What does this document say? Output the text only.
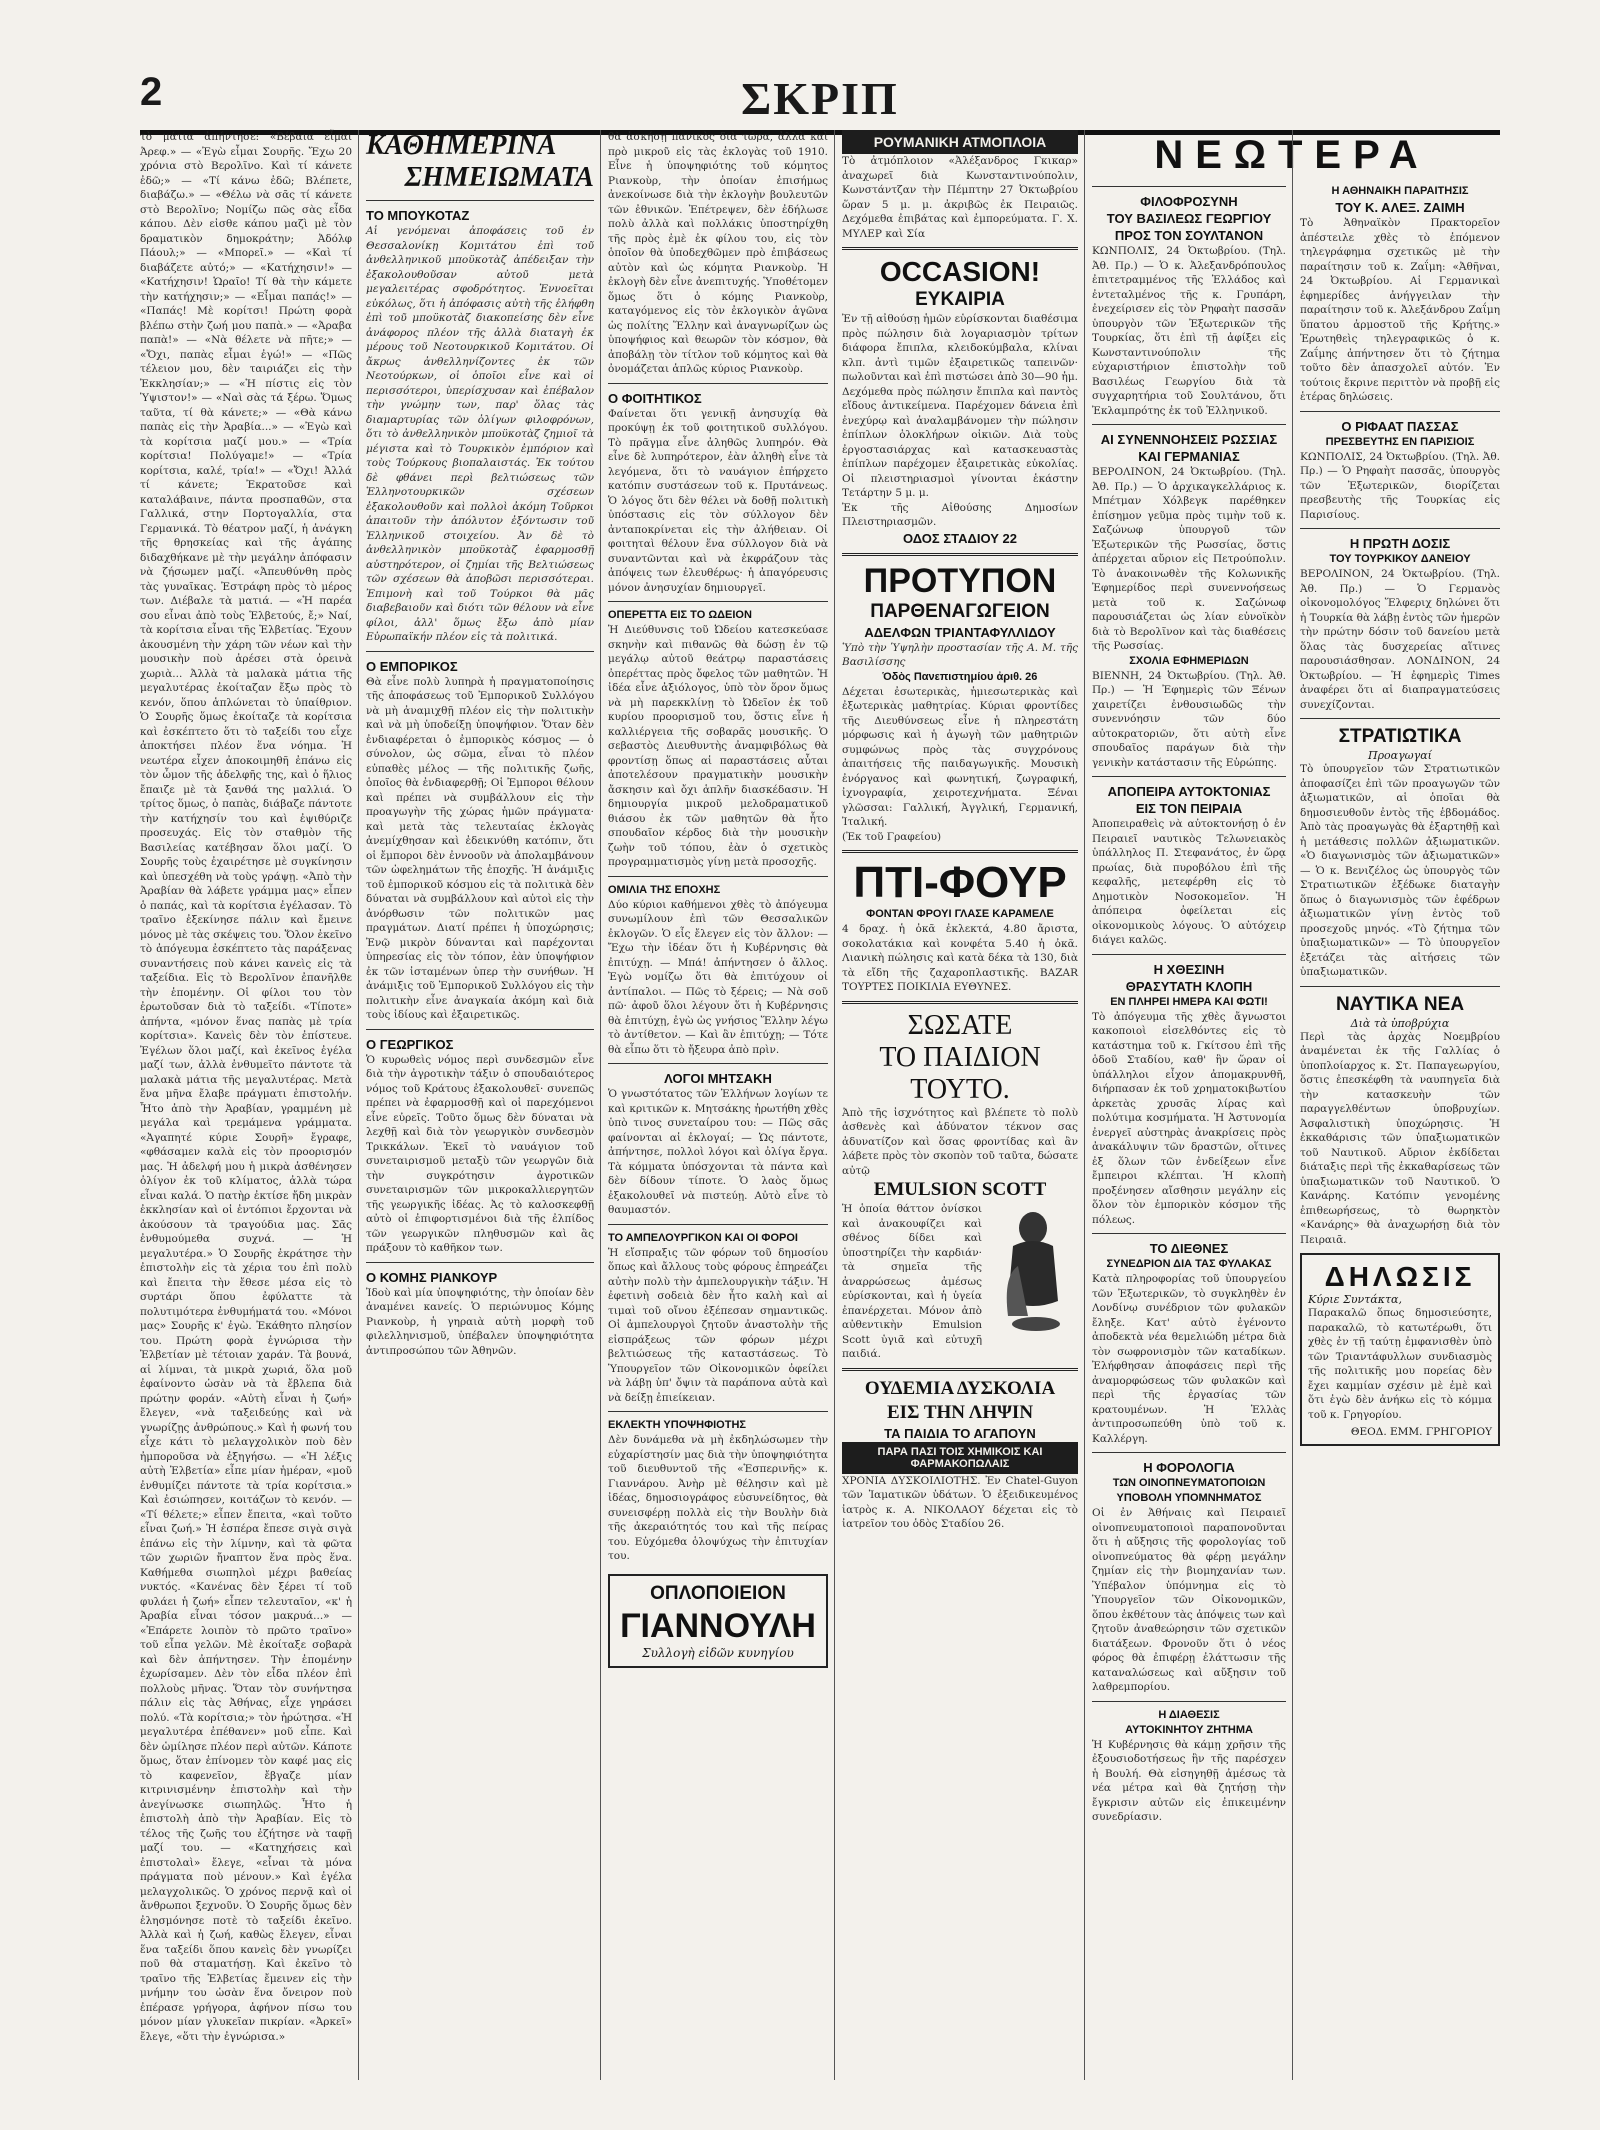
2	ΣΚΡΙΠ

τὸ μάτια ἀπήντησε: «Βέβαια εἶμαι Ἀρεφ.» — «Ἐγὼ εἶμαι Σουρῆς. Ἔχω 20 χρόνια στὸ Βερολῖνο. Καὶ τί κάνετε ἐδῶ;» — «Τί κάνω ἐδῶ; Βλέπετε, διαβάζω.» — «Θέλω νὰ σᾶς τί κάνετε στὸ Βερολῖνο; Νομίζω πῶς σὰς εἶδα κάπου. Δὲν εἰσθε κάπου μαζὶ μὲ τὸν δραματικὸν δημοκράτην; Ἀδόλφ Πάουλ;» — «Μπορεῖ.» — «Καὶ τί διαβάζετε αὐτό;» — «Κατήχησιν!» — «Κατήχησιν! Ὡραῖο! Τί θὰ τὴν κάμετε τὴν κατήχησιν;» — «Εἶμαι παπάς!» — «Παπάς! Μὲ κορίτσι! Πρώτη φορὰ βλέπω στὴν ζωή μου παπὰ.» — «Ἀραβα παπὰ!» — «Νὰ θέλετε νὰ πῆτε;» — «Ὄχι, παπὰς εἶμαι ἐγώ!» — «Πῶς τέλειον μου, δὲν ταιριάζει εἰς τὴν Ἐκκλησίαν;» — «Ἡ πίστις εἰς τὸν Ὑψιστον!» — «Ναὶ σὰς τά ξέρω. Ὅμως ταῦτα, τί θὰ κάνετε;» — «Θὰ κάνω παπὰς εἰς τὴν Ἀραβία...» — «Ἐγὼ καὶ τὰ κορίτσια μαζί μου.» — «Τρία κορίτσια! Πολύγαμε!» — «Τρία κορίτσια, καλέ, τρία!» — «Ὄχι! Ἀλλά τί κάνετε; Ἐκρατοῦσε καὶ καταλάβαινε, πάντα προσπαθῶν, στα Γαλλικά, στην Πορτογαλλία, στα Γερμανικά. Τὸ θέατρον μαζί, ἡ ἀνάγκη τῆς θρησκείας καὶ τῆς ἀγάπης διδαχθήκανε μὲ τὴν μεγάλην ἀπόφασιν νὰ ζήσωμεν μαζί. «Ἀπευθύνθη πρὸς τὰς γυναῖκας. Ἐστράφη πρὸς τὸ μέρος των. Διέβαλε τὰ ματιά. — «Ἡ παρέα σου εἶναι ἀπὸ τοὺς Ἑλβετούς, ἔ;» Ναί, τὰ κορίτσια εἶναι τῆς Ἑλβετίας. Ἔχουν ἀκουσμένη τὴν χάρη τῶν νέων καὶ τὴν μουσικὴν ποὺ ἀρέσει στὰ ὁρεινὰ χωριὰ... Ἀλλὰ τὰ μαλακὰ μάτια τῆς μεγαλυτέρας ἐκοίταζαν ἔξω πρὸς τὸ κενόν, ὅπου ἁπλώνεται τὸ ὑπαίθριον. Ὁ Σουρῆς ὅμως ἐκοίταζε τὰ κορίτσια καὶ ἐσκέπτετο ὅτι τὸ ταξείδι του εἶχε ἀποκτήσει πλέον ἕνα νόημα. Ἡ νεωτέρα εἶχεν ἀποκοιμηθῆ ἐπάνω εἰς τὸν ὦμον τῆς ἀδελφῆς της, καὶ ὁ ἥλιος ἔπαιζε μὲ τὰ ξανθά της μαλλιά. Ὁ τρίτος ὅμως, ὁ παπὰς, διάβαζε πάντοτε τὴν κατήχησίν του καὶ ἐψιθύριζε προσευχάς. Εἰς τὸν σταθμὸν τῆς Βασιλείας κατέβησαν ὅλοι μαζί. Ὁ Σουρῆς τοὺς ἐχαιρέτησε μὲ συγκίνησιν καὶ ὑπεσχέθη νὰ τοὺς γράψῃ. «Ἀπὸ τὴν Ἀραβίαν θὰ λάβετε γράμμα μας» εἶπεν ὁ παπάς, καὶ τὰ κορίτσια ἐγέλασαν. Τὸ τραῖνο ἐξεκίνησε πάλιν καὶ ἔμεινε μόνος μὲ τὰς σκέψεις του. Ὅλον ἐκεῖνο τὸ ἀπόγευμα ἐσκέπτετο τὰς παράξενας συναντήσεις ποὺ κάνει κανεὶς εἰς τὰ ταξείδια. Εἰς τὸ Βερολῖνον ἐπανῆλθε τὴν ἑπομένην. Οἱ φίλοι του τὸν ἐρωτοῦσαν διὰ τὸ ταξείδι. «Τίποτε» ἀπήντα, «μόνον ἕνας παπὰς μὲ τρία κορίτσια». Κανεὶς δὲν τὸν ἐπίστευε. Ἐγέλων ὅλοι μαζί, καὶ ἐκεῖνος ἐγέλα μαζί των, ἀλλὰ ἐνθυμεῖτο πάντοτε τὰ μαλακὰ μάτια τῆς μεγαλυτέρας. Μετὰ ἕνα μῆνα ἔλαβε πράγματι ἐπιστολήν. Ἦτο ἀπὸ τὴν Ἀραβίαν, γραμμένη μὲ μεγάλα καὶ τρεμάμενα γράμματα. «Ἀγαπητέ κύριε Σουρῆ» ἔγραφε, «φθάσαμεν καλὰ εἰς τὸν προορισμόν μας. Ἡ ἀδελφή μου ἡ μικρὰ ἀσθένησεν ὀλίγον ἐκ τοῦ κλίματος, ἀλλὰ τώρα εἶναι καλά. Ὁ πατὴρ ἐκτίσε ἤδη μικρὰν ἐκκλησίαν καὶ οἱ ἐντόπιοι ἔρχονται νὰ ἀκούσουν τὰ τραγούδια μας. Σᾶς ἐνθυμούμεθα συχνά. — Ἡ μεγαλυτέρα.» Ὁ Σουρῆς ἐκράτησε τὴν ἐπιστολὴν εἰς τὰ χέρια του ἐπὶ πολὺ καὶ ἔπειτα τὴν ἔθεσε μέσα εἰς τὸ συρτάρι ὅπου ἐφύλαττε τὰ πολυτιμότερα ἐνθυμήματά του. «Μόνοι μας» Σουρῆς κ' ἐγὼ. Ἐκάθητο πλησίον του. Πρώτη φορὰ ἐγνώρισα τὴν Ἑλβετίαν μὲ τέτοιαν χαράν. Τὰ βουνά, αἱ λίμναι, τὰ μικρὰ χωριά, ὅλα μοῦ ἐφαίνοντο ὡσὰν νὰ τὰ ἔβλεπα διὰ πρώτην φοράν. «Αὐτὴ εἶναι ἡ ζωή» ἔλεγεν, «νὰ ταξειδεύῃς καὶ νὰ γνωρίζῃς ἀνθρώπους.» Καὶ ἡ φωνή του εἶχε κάτι τὸ μελαγχολικὸν ποὺ δὲν ἠμποροῦσα νὰ ἐξηγήσω. — «Ἡ λέξις αὐτὴ Ἑλβετία» εἶπε μίαν ἡμέραν, «μοῦ ἐνθυμίζει πάντοτε τὰ τρία κορίτσια.» Καὶ ἐσιώπησεν, κοιτάζων τὸ κενόν. — «Τί θέλετε;» εἶπεν ἔπειτα, «καὶ τοῦτο εἶναι ζωή.» Ἡ ἐσπέρα ἔπεσε σιγὰ σιγὰ ἐπάνω εἰς τὴν λίμνην, καὶ τὰ φῶτα τῶν χωριῶν ἤναπτον ἕνα πρὸς ἕνα. Καθήμεθα σιωπηλοὶ μέχρι βαθείας νυκτός. «Κανένας δὲν ξέρει τί τοῦ φυλάει ἡ ζωή» εἶπεν τελευταῖον, «κ' ἡ Ἀραβία εἶναι τόσον μακρυά...» — «Ἐπάρετε λοιπὸν τὸ πρῶτο τραῖνο» τοῦ εἶπα γελῶν. Μὲ ἐκοίταξε σοβαρὰ καὶ δὲν ἀπήντησεν. Τὴν ἑπομένην ἐχωρίσαμεν. Δὲν τὸν εἶδα πλέον ἐπὶ πολλοὺς μῆνας. Ὅταν τὸν συνήντησα πάλιν εἰς τὰς Ἀθήνας, εἶχε γηράσει πολύ. «Τὰ κορίτσια;» τὸν ἠρώτησα. «Ἡ μεγαλυτέρα ἐπέθανεν» μοῦ εἶπε. Καὶ δὲν ὡμίλησε πλέον περὶ αὐτῶν. Κάποτε ὅμως, ὅταν ἐπίνομεν τὸν καφέ μας εἰς τὸ καφενεῖον, ἔβγαζε μίαν κιτρινισμένην ἐπιστολὴν καὶ τὴν ἀνεγίνωσκε σιωπηλῶς. Ἦτο ἡ ἐπιστολὴ ἀπὸ τὴν Ἀραβίαν. Εἰς τὸ τέλος τῆς ζωῆς του ἐζήτησε νὰ ταφῇ μαζί του. — «Κατηχήσεις καὶ ἐπιστολαὶ» ἔλεγε, «εἶναι τὰ μόνα πράγματα ποὺ μένουν.» Καὶ ἐγέλα μελαγχολικῶς. Ὁ χρόνος περνᾷ καὶ οἱ ἄνθρωποι ξεχνοῦν. Ὁ Σουρῆς ὅμως δὲν ἐλησμόνησε ποτὲ τὸ ταξείδι ἐκεῖνο. Ἀλλὰ καὶ ἡ ζωή, καθὼς ἔλεγεν, εἶναι ἕνα ταξείδι ὅπου κανεὶς δὲν γνωρίζει ποῦ θὰ σταματήσῃ. Καὶ ἐκεῖνο τὸ τραῖνο τῆς Ἑλβετίας ἔμεινεν εἰς τὴν μνήμην του ὡσὰν ἕνα ὄνειρον ποὺ ἐπέρασε γρήγορα, ἀφήνον πίσω του μόνον μίαν γλυκεῖαν πικρίαν. «Ἀρκεῖ» ἔλεγε, «ὅτι τὴν ἐγνώρισα.»

ΚΑΘΗΜΕΡΙΝΑ
ΣΗΜΕΙΩΜΑΤΑ
ΤΟ ΜΠΟΥΚΟΤΑΖ

Αἱ γενόμεναι ἀποφάσεις τοῦ ἐν Θεσσαλονίκῃ Κομιτάτου ἐπὶ τοῦ ἀνθελληνικοῦ μποϋκοτὰζ ἀπέδειξαν τὴν ἐξακολουθοῦσαν αὐτοῦ μετὰ μεγαλειτέρας σφοδρότητος. Ἐννοεῖται εὐκόλως, ὅτι ἡ ἀπόφασις αὐτὴ τῆς ἐλήφθη ἐπὶ τοῦ μποϋκοτὰζ διακοπείσης δὲν εἶνε ἀνάφορος πλέον τῆς ἀλλὰ διαταγὴ ἐκ μέρους τοῦ Νεοτουρκικοῦ Κομιτάτου. Οἱ ἄκρως ἀνθελληνίζοντες ἐκ τῶν Νεοτούρκων, οἱ ὁποῖοι εἶνε καὶ οἱ περισσότεροι, ὑπερίσχυσαν καὶ ἐπέβαλον τὴν γνώμην των, παρ' ὅλας τὰς διαμαρτυρίας τῶν ὀλίγων φιλοφρόνων, ὅτι τὸ ἀνθελληνικὸν μποϋκοτὰζ ζημιοῖ τὰ μέγιστα καὶ τὸ Τουρκικὸν ἐμπόριον καὶ τοὺς Τούρκους βιοπαλαιστάς. Ἐκ τούτου δὲ φθάνει περὶ βελτιώσεως τῶν Ἑλληνοτουρκικῶν σχέσεων ἐξακολουθοῦν καὶ πολλοὶ ἀκόμη Τοῦρκοι ἀπαιτοῦν τὴν ἀπόλυτον ἐξόντωσιν τοῦ Ἑλληνικοῦ στοιχείου. Ἀν δὲ τὸ ἀνθελληνικὸν μποϋκοτὰζ ἐφαρμοσθῇ αὐστηρότερον, οἱ ζημίαι τῆς Βελτιώσεως τῶν σχέσεων θὰ ἀποβῶσι περισσότεραι. Ἐπιμονὴ καὶ τοῦ Τούρκοι θὰ μᾶς διαβεβαιοῦν καὶ διότι τῶν θέλουν νὰ εἶνε φίλοι, ἀλλ' ὅμως ἔξω ἀπὸ μίαν Εὐρωπαϊκήν πλέον εἰς τὰ πολιτικά.

Ο ΕΜΠΟΡΙΚΟΣ

Θὰ εἶνε πολὺ λυπηρὰ ἡ πραγματοποίησις τῆς ἀποφάσεως τοῦ Ἐμπορικοῦ Συλλόγου νὰ μὴ ἀναμιχθῇ πλέον εἰς τὴν πολιτικὴν καὶ νὰ μὴ ὑποδείξῃ ὑποψήφιον. Ὅταν δὲν ἐνδιαφέρεται ὁ ἐμπορικὸς κόσμος — ὁ σύνολον, ὡς σῶμα, εἶναι τὸ πλέον εὐπαθὲς μέλος — τῆς πολιτικῆς ζωῆς, ὁποῖος θὰ ἐνδιαφερθῇ; Οἱ Ἐμποροι θέλουν καὶ πρέπει νὰ συμβάλλουν εἰς τὴν προαγωγὴν τῆς χώρας ἡμῶν πράγματα· καὶ μετὰ τὰς τελευταίας ἐκλογὰς ἀνεμίχθησαν καὶ ἐδεικνύθη κατόπιν, ὅτι οἱ ἔμποροι δὲν ἐννοοῦν νὰ ἀπολαμβάνουν τῶν ὠφελημάτων τῆς ἐποχῆς. Ἡ ἀνάμιξις τοῦ ἐμπορικοῦ κόσμου εἰς τὰ πολιτικὰ δὲν δύναται νὰ συμβάλλουν καὶ αὐτοὶ εἰς τὴν ἀνόρθωσιν τῶν πολιτικῶν μας πραγμάτων. Διατί πρέπει ἡ ὑποχώρησις; Ἐνῷ μικρὸν δύνανται καὶ παρέχονται ὑπηρεσίας εἰς τὸν τόπον, ἐὰν ὑποψήφιον ἐκ τῶν ἰσταμένων ὑπερ τὴν συνήθων. Ἡ ἀνάμιξις τοῦ Ἐμπορικοῦ Συλλόγου εἰς τὴν πολιτικὴν εἶνε ἀναγκαία ἀκόμη καὶ διὰ τοὺς ἰδίους καὶ ἐξαιρετικῶς.

Ο ΓΕΩΡΓΙΚΟΣ

Ὁ κυρωθεὶς νόμος περὶ συνδεσμῶν εἶνε διὰ τὴν ἀγροτικὴν τάξιν ὁ σπουδαιότερος νόμος τοῦ Κράτους ἐξακολουθεῖ· συνεπῶς πρέπει νὰ ἐφαρμοσθῇ καὶ οἱ παρεχόμενοι εἶνε εὐρεῖς. Τοῦτο ὅμως δὲν δύναται νὰ λεχθῇ καὶ διὰ τὸν γεωργικὸν συνδεσμὸν Τρικκάλων. Ἐκεῖ τὸ ναυάγιον τοῦ συνεταιρισμοῦ μεταξὺ τῶν γεωργῶν διὰ τὴν συγκρότησιν ἀγροτικῶν συνεταιρισμῶν τῶν μικροκαλλιεργητῶν τῆς γεωργικῆς ἰδέας. Ἀς τὸ καλοσκεφθῇ αὐτὸ οἱ ἐπιφορτισμένοι διὰ τῆς ἐλπίδος τῶν γεωργικῶν πληθυσμῶν καὶ ἃς πράξουν τὸ καθῆκον των.

Ο ΚΟΜΗΣ ΡΙΑΝΚΟΥΡ

Ἰδοὺ καὶ μία ὑποψηφιότης, τὴν ὁποίαν δὲν ἀναμένει κανείς. Ὁ περιώνυμος Κόμης Ριανκοὺρ, ἡ γηραιὰ αὐτὴ μορφὴ τοῦ φιλελληνισμοῦ, ὑπέβαλεν ὑποψηφιότητα ἀντιπροσώπου τῶν Ἀθηνῶν.

θὰ ἀσκήσῃ πανικὸς διὰ τώρα, ἀλλὰ καὶ πρὸ μικροῦ εἰς τὰς ἐκλογὰς τοῦ 1910. Εἶνε ἡ ὑποψηφιότης τοῦ κόμητος Ριανκοὺρ, τὴν ὁποίαν ἐπισήμως ἀνεκοίνωσε διὰ τὴν ἐκλογὴν βουλευτῶν τῶν ἐθνικῶν. Ἐπέτρεψεν, δὲν ἐδήλωσε πολὺ ἀλλὰ καὶ πολλάκις ὑποστηρίχθη τῆς πρὸς ἐμὲ ἐκ φίλου του, εἰς τὸν ὁποῖον θὰ ὑποδεχθῶμεν πρὸ ἐπιβάσεως αὐτὸν καὶ ὡς κόμητα Ριανκοὺρ. Ἡ ἐκλογὴ δὲν εἶνε ἀνεπιτυχής. Ὑποθέτομεν ὅμως ὅτι ὁ κόμης Ριανκοὺρ, καταγόμενος εἰς τὸν ἐκλογικὸν ἀγῶνα ὡς πολίτης Ἕλλην καὶ ἀναγνωρίζων ὡς ὑποψήφιος καὶ θεωρῶν τὸν κόσμον, θὰ ἀποβάλῃ τὸν τίτλον τοῦ κόμητος καὶ θὰ ὀνομάζεται ἁπλῶς κύριος Ριανκοὺρ.

Ο ΦΟΙΤΗΤΙΚΟΣ

Φαίνεται ὅτι γενικῇ ἀνησυχίᾳ θὰ προκύψῃ ἐκ τοῦ φοιτητικοῦ συλλόγου. Τὸ πρᾶγμα εἶνε ἀληθῶς λυπηρόν. Θὰ εἶνε δὲ λυπηρότερον, ἐὰν ἀληθὴ εἶνε τὰ λεγόμενα, ὅτι τὸ ναυάγιον ἐπήρχετο κατόπιν συστάσεων τοῦ κ. Πρυτάνεως. Ὁ λόγος ὅτι δὲν θέλει νὰ δοθῇ πολιτικὴ ὑπόστασις εἰς τὸν σύλλογον δὲν ἀνταποκρίνεται εἰς τὴν ἀλήθειαν. Οἱ φοιτηταὶ θέλουν ἕνα σύλλογον διὰ νὰ συναντῶνται καὶ νὰ ἐκφράζουν τὰς ἀπόψεις των ἐλευθέρως· ἡ ἀπαγόρευσις μόνον ἀνησυχίαν δημιουργεῖ.

ΟΠΕΡΕΤΤΑ ΕΙΣ ΤΟ ΩΔΕΙΟΝ

Ἡ Διεύθυνσις τοῦ Ὠδείου κατεσκεύασε σκηνὴν καὶ πιθανῶς θὰ δώσῃ ἐν τῷ μεγάλῳ αὐτοῦ θεάτρῳ παραστάσεις ὀπερέττας πρὸς ὄφελος τῶν μαθητῶν. Ἡ ἰδέα εἶνε ἀξιόλογος, ὑπὸ τὸν ὅρον ὅμως νὰ μὴ παρεκκλίνῃ τὸ Ὠδεῖον ἐκ τοῦ κυρίου προορισμοῦ του, ὅστις εἶνε ἡ καλλιέργεια τῆς σοβαρᾶς μουσικῆς. Ὁ σεβαστὸς Διευθυντὴς ἀναμφιβόλως θὰ φροντίσῃ ὅπως αἱ παραστάσεις αὗται ἀποτελέσουν πραγματικὴν μουσικὴν ἄσκησιν καὶ ὄχι ἁπλῆν διασκέδασιν. Ἡ δημιουργία μικροῦ μελοδραματικοῦ θιάσου ἐκ τῶν μαθητῶν θὰ ἦτο σπουδαῖον κέρδος διὰ τὴν μουσικὴν ζωὴν τοῦ τόπου, ἐὰν ὁ σχετικὸς προγραμματισμὸς γίνῃ μετὰ προσοχῆς.

ΟΜΙΛΙΑ ΤΗΣ ΕΠΟΧΗΣ

Δύο κύριοι καθήμενοι χθὲς τὸ ἀπόγευμα συνωμίλουν ἐπὶ τῶν Θεσσαλικῶν ἐκλογῶν. Ὁ εἷς ἔλεγεν εἰς τὸν ἄλλον: — Ἔχω τὴν ἰδέαν ὅτι ἡ Κυβέρνησις θὰ ἐπιτύχῃ. — Μπά! ἀπήντησεν ὁ ἄλλος. Ἐγὼ νομίζω ὅτι θὰ ἐπιτύχουν οἱ ἀντίπαλοι. — Πῶς τὸ ξέρεις; — Νὰ σοῦ πῶ· ἀφοῦ ὅλοι λέγουν ὅτι ἡ Κυβέρνησις θὰ ἐπιτύχῃ, ἐγὼ ὡς γνήσιος Ἕλλην λέγω τὸ ἀντίθετον. — Καὶ ἂν ἐπιτύχῃ; — Τότε θὰ εἶπω ὅτι τὸ ἤξευρα ἀπὸ πρὶν.

ΛΟΓΟΙ ΜΗΤΣΑΚΗ

Ὁ γνωστότατος τῶν Ἑλλήνων λογίων τε καὶ κριτικῶν κ. Μητσάκης ἠρωτήθη χθὲς ὑπὸ τινος συνεταίρου του: — Πῶς σᾶς φαίνονται αἱ ἐκλογαί; — Ὡς πάντοτε, ἀπήντησε, πολλοὶ λόγοι καὶ ὀλίγα ἔργα. Τὰ κόμματα ὑπόσχονται τὰ πάντα καὶ δὲν δίδουν τίποτε. Ὁ λαὸς ὅμως ἐξακολουθεῖ νὰ πιστεύῃ. Αὐτὸ εἶνε τὸ θαυμαστόν.

ΤΟ ΑΜΠΕΛΟΥΡΓΙΚΟΝ ΚΑΙ ΟΙ ΦΟΡΟΙ

Ἡ εἴσπραξις τῶν φόρων τοῦ δημοσίου ὅπως καὶ ἄλλους τοὺς φόρους ἐπηρεάζει αὐτὴν πολὺ τὴν ἀμπελουργικὴν τάξιν. Ἡ ἐφετινὴ σοδειὰ δὲν ἦτο καλὴ καὶ αἱ τιμαὶ τοῦ οἴνου ἐξέπεσαν σημαντικῶς. Οἱ ἀμπελουργοὶ ζητοῦν ἀναστολὴν τῆς εἰσπράξεως τῶν φόρων μέχρι βελτιώσεως τῆς καταστάσεως. Τὸ Ὑπουργεῖον τῶν Οἰκονομικῶν ὀφείλει νὰ λάβῃ ὑπ' ὄψιν τὰ παράπονα αὐτὰ καὶ νὰ δείξῃ ἐπιείκειαν.

ΕΚΛΕΚΤΗ ΥΠΟΨΗΦΙΟΤΗΣ

Δὲν δυνάμεθα νὰ μὴ ἐκδηλώσωμεν τὴν εὐχαρίστησίν μας διὰ τὴν ὑποψηφιότητα τοῦ διευθυντοῦ τῆς «Ἑσπερινῆς» κ. Γιαννάρου. Ἀνὴρ μὲ θέλησιν καὶ μὲ ἰδέας, δημοσιογράφος εὐσυνείδητος, θὰ συνεισφέρῃ πολλὰ εἰς τὴν Βουλὴν διὰ τῆς ἀκεραιότητός του καὶ τῆς πείρας του. Εὐχόμεθα ὁλοψύχως τὴν ἐπιτυχίαν του.

ΟΠΛΟΠΟΙΕΙΟΝ
ΓΙΑΝΝΟΥΛΗ
Συλλογὴ εἰδῶν κυνηγίου
ΡΟΥΜΑΝΙΚΗ ΑΤΜΟΠΛΟΙΑ

Τὸ ἀτμόπλοιον «Ἀλέξανδρος Γκικαρ» ἀναχωρεῖ διὰ Κωνσταντινούπολιν, Κωνστάντζαν τὴν Πέμπτην 27 Ὀκτωβρίου ὥραν 5 μ. μ. ἀκριβῶς ἐκ Πειραιῶς. Δεχόμεθα ἐπιβάτας καὶ ἐμπορεύματα. Γ. Χ. ΜΥΛΕΡ καὶ Σία

OCCASION!
ΕΥΚΑΙΡΙΑ

Ἐν τῇ αἰθούσῃ ἡμῶν εὑρίσκονται διαθέσιμα πρὸς πώλησιν διὰ λογαριασμὸν τρίτων διάφορα ἔπιπλα, κλειδοκύμβαλα, κλίναι κλπ. ἀντὶ τιμῶν ἐξαιρετικῶς ταπεινῶν· πωλοῦνται καὶ ἐπὶ πιστώσει ἀπὸ 30—90 ἡμ. Δεχόμεθα πρὸς πώλησιν ἔπιπλα καὶ παντὸς εἴδους ἀντικείμενα. Παρέχομεν δάνεια ἐπὶ ἐνεχύρῳ καὶ ἀναλαμβάνομεν τὴν πώλησιν ἐπίπλων ὁλοκλήρων οἰκιῶν. Διὰ τοὺς ἐργοστασιάρχας καὶ κατασκευαστὰς ἐπίπλων παρέχομεν ἐξαιρετικὰς εὐκολίας. Οἱ πλειστηριασμοὶ γίνονται ἑκάστην Τετάρτην 5 μ. μ.

Ἐκ τῆς Αἰθούσης Δημοσίων Πλειστηριασμῶν.

ΟΔΟΣ ΣΤΑΔΙΟΥ 22
ΠΡΟΤΥΠΟΝ
ΠΑΡΘΕΝΑΓΩΓΕΙΟΝ
ΑΔΕΛΦΩΝ ΤΡΙΑΝΤΑΦΥΛΛΙΔΟΥ

Ὑπὸ τὴν Ὑψηλὴν προστασίαν τῆς Α. Μ. τῆς Βασιλίσσης

Ὁδὸς Πανεπιστημίου ἀριθ. 26

Δέχεται ἐσωτερικὰς, ἡμιεσωτερικὰς καὶ ἐξωτερικὰς μαθητρίας. Κύριαι φροντίδες τῆς Διευθύνσεως εἶνε ἡ πληρεστάτη μόρφωσις καὶ ἡ ἀγωγὴ τῶν μαθητριῶν συμφώνως πρὸς τὰς συγχρόνους ἀπαιτήσεις τῆς παιδαγωγικῆς. Μουσικὴ ἐνόργανος καὶ φωνητική, ζωγραφική, ἰχνογραφία, χειροτεχνήματα. Ξέναι γλῶσσαι: Γαλλική, Ἀγγλική, Γερμανική, Ἰταλική.

(Ἐκ τοῦ Γραφείου)

ΠΤΙ-ΦΟΥΡ
ΦΟΝΤΑΝ ΦΡΟΥΙ ΓΛΑΣΕ ΚΑΡΑΜΕΛΕ

4 δραχ. ἡ ὀκᾶ ἐκλεκτά, 4.80 ἄριστα, σοκολατάκια καὶ κονφέτα 5.40 ἡ ὀκᾶ. Λιανικὴ πώλησις καὶ κατὰ δέκα τὰ 130, διὰ τὰ εἴδη τῆς ζαχαροπλαστικῆς. BAZAR ΤΟΥΡΤΕΣ ΠΟΙΚΙΛΙΑ ΕΥΘΥΝΕΣ.

ΣΩΣΑΤΕ
ΤΟ ΠΑΙΔΙΟΝ
ΤΟΥΤΟ.

Ἀπὸ τῆς ἰσχνότητος καὶ βλέπετε τὸ πολὺ ἀσθενὲς καὶ ἀδύνατον τέκνον σας ἀδυνατίζον καὶ ὅσας φροντίδας καὶ ἂν λάβετε πρὸς τὸν σκοπὸν τοῦ ταῦτα, δώσατε αὐτῷ

EMULSION SCOTT

Ἡ ὁποία θάττον ὀνίσκοι καὶ ἀνακουφίζει καὶ σθένος δίδει καὶ ὑποστηρίζει τὴν καρδιάν· τὰ σημεῖα τῆς ἀναρρώσεως ἀμέσως εὐρίσκονται, καὶ ἡ ὑγεία ἐπανέρχεται. Μόνον ἀπὸ αὐθεντικὴν Emulsion Scott ὑγιᾶ καὶ εὐτυχῆ παιδιά.

ΟΥΔΕΜΙΑ ΔΥΣΚΟΛΙΑ
ΕΙΣ ΤΗΝ ΛΗΨΙΝ
ΤΑ ΠΑΙΔΙΑ ΤΟ ΑΓΑΠΟΥΝ
ΠΑΡΑ ΠΑΣΙ ΤΟΙΣ ΧΗΜΙΚΟΙΣ ΚΑΙ ΦΑΡΜΑΚΟΠΩΛΑΙΣ

ΧΡΟΝΙΑ ΔΥΣΚΟΙΛΙΟΤΗΣ. Ἐν Chatel-Guyon τῶν Ἰαματικῶν ὑδάτων. Ὁ ἐξειδικευμένος ἰατρὸς κ. Α. ΝΙΚΟΛΑΟΥ δέχεται εἰς τὸ ἰατρεῖον του ὁδὸς Σταδίου 26.

ΝΕΩΤΕΡΑ
ΦΙΛΟΦΡΟΣΥΝΗ
ΤΟΥ ΒΑΣΙΛΕΩΣ ΓΕΩΡΓΙΟΥ
ΠΡΟΣ ΤΟΝ ΣΟΥΛΤΑΝΟΝ

ΚΩΝΠΟΛΙΣ, 24 Ὀκτωβρίου. (Τηλ. Ἀθ. Πρ.) — Ὁ κ. Ἀλεξανδρόπουλος ἐπιτετραμμένος τῆς Ἑλλάδος καὶ ἐντεταλμένος τῆς κ. Γρυπάρη, ἐνεχείρισεν εἰς τὸν Ρηφαὴτ πασσᾶν ὑπουργὸν τῶν Ἐξωτερικῶν τῆς Τουρκίας, ὅτι ἐπὶ τῇ ἀφίξει εἰς Κωνσταντινούπολιν τῆς εὐχαριστήριον ἐπιστολὴν τοῦ Βασιλέως Γεωργίου διὰ τὰ συγχαρητήρια τοῦ Σουλτάνου, ὅτι Ἐκλαμπρότης ἐκ τοῦ Ἑλληνικοῦ.

ΑΙ ΣΥΝΕΝΝΟΗΣΕΙΣ ΡΩΣΣΙΑΣ ΚΑΙ ΓΕΡΜΑΝΙΑΣ

ΒΕΡΟΛΙΝΟΝ, 24 Ὀκτωβρίου. (Τηλ. Ἀθ. Πρ.) — Ὁ ἀρχικαγκελλάριος κ. Μπέτμαν Χόλβεγκ παρέθηκεν ἐπίσημον γεῦμα πρὸς τιμὴν τοῦ κ. Σαζώνωφ ὑπουργοῦ τῶν Ἐξωτερικῶν τῆς Ρωσσίας, ὅστις ἀπέρχεται αὔριον εἰς Πετρούπολιν. Τὸ ἀνακοινωθὲν τῆς Κολωνικῆς Ἐφημερίδος περὶ συνεννοήσεως μετὰ τοῦ κ. Σαζώνωφ παρουσιάζεται ὡς λίαν εὐνοϊκὸν διὰ τὸ Βερολῖνον καὶ τὰς διαθέσεις τῆς Ρωσσίας.

ΣΧΟΛΙΑ ΕΦΗΜΕΡΙΔΩΝ

ΒΙΕΝΝΗ, 24 Ὀκτωβρίου. (Τηλ. Ἀθ. Πρ.) — Ἡ Ἐφημερὶς τῶν Ξένων χαιρετίζει ἐνθουσιωδῶς τὴν συνεννόησιν τῶν δύο αὐτοκρατοριῶν, ὅτι αὐτὴ εἶνε σπουδαῖος παράγων διὰ τὴν γενικὴν κατάστασιν τῆς Εὐρώπης.

ΑΠΟΠΕΙΡΑ ΑΥΤΟΚΤΟΝΙΑΣ
ΕΙΣ ΤΟΝ ΠΕΙΡΑΙΑ

Ἀποπειραθεὶς νὰ αὐτοκτονήσῃ ὁ ἐν Πειραιεῖ ναυτικὸς Τελωνειακὸς ὑπάλληλος Π. Στεφανάτος, ἐν ὥρᾳ πρωίας, διὰ πυροβόλου ἐπὶ τῆς κεφαλῆς, μετεφέρθη εἰς τὸ Δημοτικὸν Νοσοκομεῖον. Ἡ ἀπόπειρα ὀφείλεται εἰς οἰκονομικοὺς λόγους. Ὁ αὐτόχειρ διάγει καλῶς.

Η ΧΘΕΣΙΝΗ
ΘΡΑΣΥΤΑΤΗ ΚΛΟΠΗ
ΕΝ ΠΛΗΡΕΙ ΗΜΕΡΑ ΚΑΙ ΦΩΤΙ!

Τὸ ἀπόγευμα τῆς χθὲς ἄγνωστοι κακοποιοὶ εἰσελθόντες εἰς τὸ κατάστημα τοῦ κ. Γκίτσου ἐπὶ τῆς ὁδοῦ Σταδίου, καθ' ἣν ὥραν οἱ ὑπάλληλοι εἶχον ἀπομακρυνθῆ, διήρπασαν ἐκ τοῦ χρηματοκιβωτίου ἀρκετὰς χρυσᾶς λίρας καὶ πολύτιμα κοσμήματα. Ἡ Ἀστυνομία ἐνεργεῖ αὐστηρὰς ἀνακρίσεις πρὸς ἀνακάλυψιν τῶν δραστῶν, οἵτινες ἐξ ὅλων τῶν ἐνδείξεων εἶνε ἔμπειροι κλέπται. Ἡ κλοπὴ προξένησεν αἴσθησιν μεγάλην εἰς ὅλον τὸν ἐμπορικὸν κόσμον τῆς πόλεως.

ΤΟ ΔΙΕΘΝΕΣ
ΣΥΝΕΔΡΙΟΝ ΔΙΑ ΤΑΣ ΦΥΛΑΚΑΣ

Κατὰ πληροφορίας τοῦ ὑπουργείου τῶν Ἐξωτερικῶν, τὸ συγκληθὲν ἐν Λονδίνῳ συνέδριον τῶν φυλακῶν ἔληξε. Κατ' αὐτὸ ἐγένοντο ἀποδεκτὰ νέα θεμελιώδη μέτρα διὰ τὸν σωφρονισμὸν τῶν καταδίκων. Ἐλήφθησαν ἀποφάσεις περὶ τῆς ἀναμορφώσεως τῶν φυλακῶν καὶ περὶ τῆς ἐργασίας τῶν κρατουμένων. Ἡ Ἑλλὰς ἀντιπροσωπεύθη ὑπὸ τοῦ κ. Καλλέργη.

Η ΦΟΡΟΛΟΓΙΑ
ΤΩΝ ΟΙΝΟΠΝΕΥΜΑΤΟΠΟΙΩΝ
ΥΠΟΒΟΛΗ ΥΠΟΜΝΗΜΑΤΟΣ

Οἱ ἐν Ἀθήναις καὶ Πειραιεῖ οἰνοπνευματοποιοὶ παραπονοῦνται ὅτι ἡ αὔξησις τῆς φορολογίας τοῦ οἰνοπνεύματος θὰ φέρῃ μεγάλην ζημίαν εἰς τὴν βιομηχανίαν των. Ὑπέβαλον ὑπόμνημα εἰς τὸ Ὑπουργεῖον τῶν Οἰκονομικῶν, ὅπου ἐκθέτουν τὰς ἀπόψεις των καὶ ζητοῦν ἀναθεώρησιν τῶν σχετικῶν διατάξεων. Φρονοῦν ὅτι ὁ νέος φόρος θὰ ἐπιφέρῃ ἐλάττωσιν τῆς καταναλώσεως καὶ αὔξησιν τοῦ λαθρεμπορίου.

Η ΔΙΑΘΕΣΙΣ
ΑΥΤΟΚΙΝΗΤΟΥ ΖΗΤΗΜΑ

Ἡ Κυβέρνησις θὰ κάμῃ χρῆσιν τῆς ἐξουσιοδοτήσεως ἣν τῆς παρέσχεν ἡ Βουλή. Θὰ εἰσηγηθῇ ἀμέσως τὰ νέα μέτρα καὶ θὰ ζητήσῃ τὴν ἔγκρισιν αὐτῶν εἰς ἐπικειμένην συνεδρίασιν.

Η ΑΘΗΝΑΙΚΗ ΠΑΡΑΙΤΗΣΙΣ
ΤΟΥ Κ. ΑΛΕΞ. ΖΑΙΜΗ

Τὸ Ἀθηναϊκὸν Πρακτορεῖον ἀπέστειλε χθὲς τὸ ἑπόμενον τηλεγράφημα σχετικῶς μὲ τὴν παραίτησιν τοῦ κ. Ζαΐμη: «Ἀθῆναι, 24 Ὀκτωβρίου. Αἱ Γερμανικαὶ ἐφημερίδες ἀνήγγειλαν τὴν παραίτησιν τοῦ κ. Ἀλεξάνδρου Ζαΐμη ὕπατου ἁρμοστοῦ τῆς Κρήτης.» Ἐρωτηθεὶς τηλεγραφικῶς ὁ κ. Ζαΐμης ἀπήντησεν ὅτι τὸ ζήτημα τοῦτο δὲν ἀπασχολεῖ αὐτόν. Ἐν τούτοις ἔκρινε περιττὸν νὰ προβῇ εἰς ἑτέρας δηλώσεις.

Ο ΡΙΦΑΑΤ ΠΑΣΣΑΣ
ΠΡΕΣΒΕΥΤΗΣ ΕΝ ΠΑΡΙΣΙΟΙΣ

ΚΩΝΠΟΛΙΣ, 24 Ὀκτωβρίου. (Τηλ. Ἀθ. Πρ.) — Ὁ Ρηφαὴτ πασσᾶς, ὑπουργὸς τῶν Ἐξωτερικῶν, διορίζεται πρεσβευτὴς τῆς Τουρκίας εἰς Παρισίους.

Η ΠΡΩΤΗ ΔΟΣΙΣ
ΤΟΥ ΤΟΥΡΚΙΚΟΥ ΔΑΝΕΙΟΥ

ΒΕΡΟΛΙΝΟΝ, 24 Ὀκτωβρίου. (Τηλ. Ἀθ. Πρ.) — Ὁ Γερμανὸς οἰκονομολόγος Ἕλφεριχ δηλώνει ὅτι ἡ Τουρκία θὰ λάβῃ ἐντὸς τῶν ἡμερῶν τὴν πρώτην δόσιν τοῦ δανείου μετὰ ὅλας τὰς δυσχερείας αἵτινες παρουσιάσθησαν. ΛΟΝΔΙΝΟΝ, 24 Ὀκτωβρίου. — Ἡ ἐφημερὶς Times ἀναφέρει ὅτι αἱ διαπραγματεύσεις συνεχίζονται.

ΣΤΡΑΤΙΩΤΙΚΑ
Προαγωγαί

Τὸ ὑπουργεῖον τῶν Στρατιωτικῶν ἀποφασίζει ἐπὶ τῶν προαγωγῶν τῶν ἀξιωματικῶν, αἱ ὁποῖαι θὰ δημοσιευθοῦν ἐντὸς τῆς ἑβδομάδος. Ἀπὸ τὰς προαγωγὰς θὰ ἐξαρτηθῇ καὶ ἡ μετάθεσις πολλῶν ἀξιωματικῶν. «Ὁ διαγωνισμὸς τῶν ἀξιωματικῶν» — Ὁ κ. Βενιζέλος ὡς ὑπουργὸς τῶν Στρατιωτικῶν ἐξέδωκε διαταγὴν ὅπως ὁ διαγωνισμὸς τῶν ἐφέδρων ἀξιωματικῶν γίνῃ ἐντὸς τοῦ προσεχοῦς μηνός. «Τὸ ζήτημα τῶν ὑπαξιωματικῶν» — Τὸ ὑπουργεῖον ἐξετάζει τὰς αἰτήσεις τῶν ὑπαξιωματικῶν.

ΝΑΥΤΙΚΑ ΝΕΑ
Διὰ τὰ ὑποβρύχια

Περὶ τὰς ἀρχὰς Νοεμβρίου ἀναμένεται ἐκ τῆς Γαλλίας ὁ ὑποπλοίαρχος κ. Στ. Παπαγεωργίου, ὅστις ἐπεσκέφθη τὰ ναυπηγεῖα διὰ τὴν κατασκευὴν τῶν παραγγελθέντων ὑποβρυχίων. Ἀσφαλιστικὴ ὑποχώρησις. Ἠ ἐκκαθάρισις τῶν ὑπαξιωματικῶν τοῦ Ναυτικοῦ. Αὔριον ἐκδίδεται διάταξις περὶ τῆς ἐκκαθαρίσεως τῶν ὑπαξιωματικῶν τοῦ Ναυτικοῦ. Ὁ Κανάρης. Κατόπιν γενομένης ἐπιθεωρήσεως, τὸ θωρηκτὸν «Κανάρης» θὰ ἀναχωρήσῃ διὰ τὸν Πειραιᾶ.

ΔΗΛΩΣΙΣ
Κύριε Συντάκτα,

Παρακαλῶ ὅπως δημοσιεύσητε, παρακαλῶ, τὸ κατωτέρωθι, ὅτι χθὲς ἐν τῇ ταύτῃ ἐμφανισθὲν ὑπὸ τῶν Τριαντάφυλλων συνδιασμὸς τῆς πολιτικῆς μου πορείας δὲν ἔχει καμμίαν σχέσιν μὲ ἐμὲ καὶ ὅτι ἐγὼ δὲν ἀνήκω εἰς τὸ κόμμα τοῦ κ. Γρηγορίου.

ΘΕΟΔ. ΕΜΜ. ΓΡΗΓΟΡΙΟΥ
